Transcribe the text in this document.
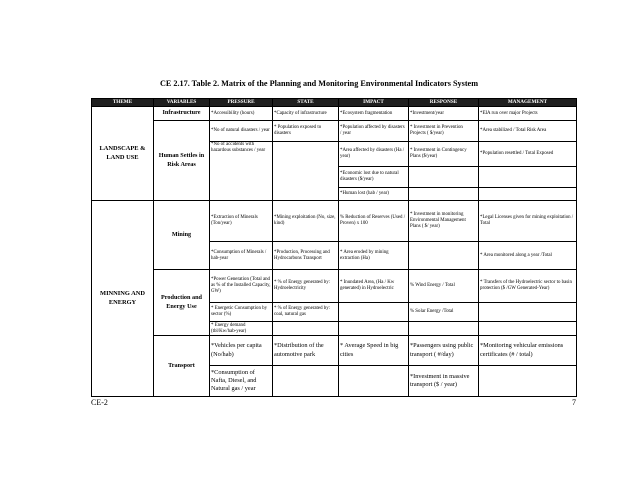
CE 2.17. Table 2. Matrix of the Planning and Monitoring Environmental Indicators System
THEME	VARIABLES	PRESSURE	STATE	IMPACT	RESPONSE	MANAGEMENT
LANDSCAPE & LAND USE	Infrastructure	*Accessibility (hours)	*Capacity of infrastructure	*Ecosystem fragmentation	*Investment/year	*EIA run over major Projects
	Human Settles in Risk Areas	*No of natural disasters / year	* Population exposed to disasters	*Population affected by disasters / year	* Investment in Prevention Projects ( $/year)	*Area stabilized / Total Risk Area
		*No of accidents with hazardous substances / year		*Area affected by disasters (Ha / year)	* Investment in Contingency Plans ($/year)	*Population resettled / Total Exposed
				*Economic lost due to natural disasters ($/year)		
				*Human lost (hab / year)		
MINNING AND ENERGY	Mining	*Extraction of Minerals (Ton/year)	*Mining exploitation (No, size, kind)	% Reduction of Reserves (Used / Proven) x 100	* Investment in monitoring Environmental Management Plans ( $/ year)	*Legal Licenses given for mining exploitation / Total
		*Consumption of Minerals / hab-year	*Production, Processing and Hydrocarbons Transport	* Area eroded by mining extraction (Ha)		* Area monitored along a year /Total
	Production and Energy Use	*Power Generation (Total and as % of the Installed Capacity, GW)	* % of Energy generated by: Hydroelectricity	* Inundated Area, (Ha / Kw generated) in Hydroelectric	% Wind Energy / Total	* Transfers of the Hydroelectric sector to basin protection ($ /GW Generated-Year)
		* Energetic Consumption by sector (%)	* % of Energy generated by: coal, natural gas		% Solar Energy /Total	
		* Energy demand (tbl/Kw/hab-year)				
	Transport	*Vehicles per capita (No/hab)	*Distribution of the automotive park	* Average Speed in big cities	*Passengers using public transport ( #/day)	*Monitoring vehicular emissions certificates (# / total)
		*Consumption of Nafta, Diesel, and Natural gas / year			*Investment in massive transport ($ / year)	
CE-2	7
